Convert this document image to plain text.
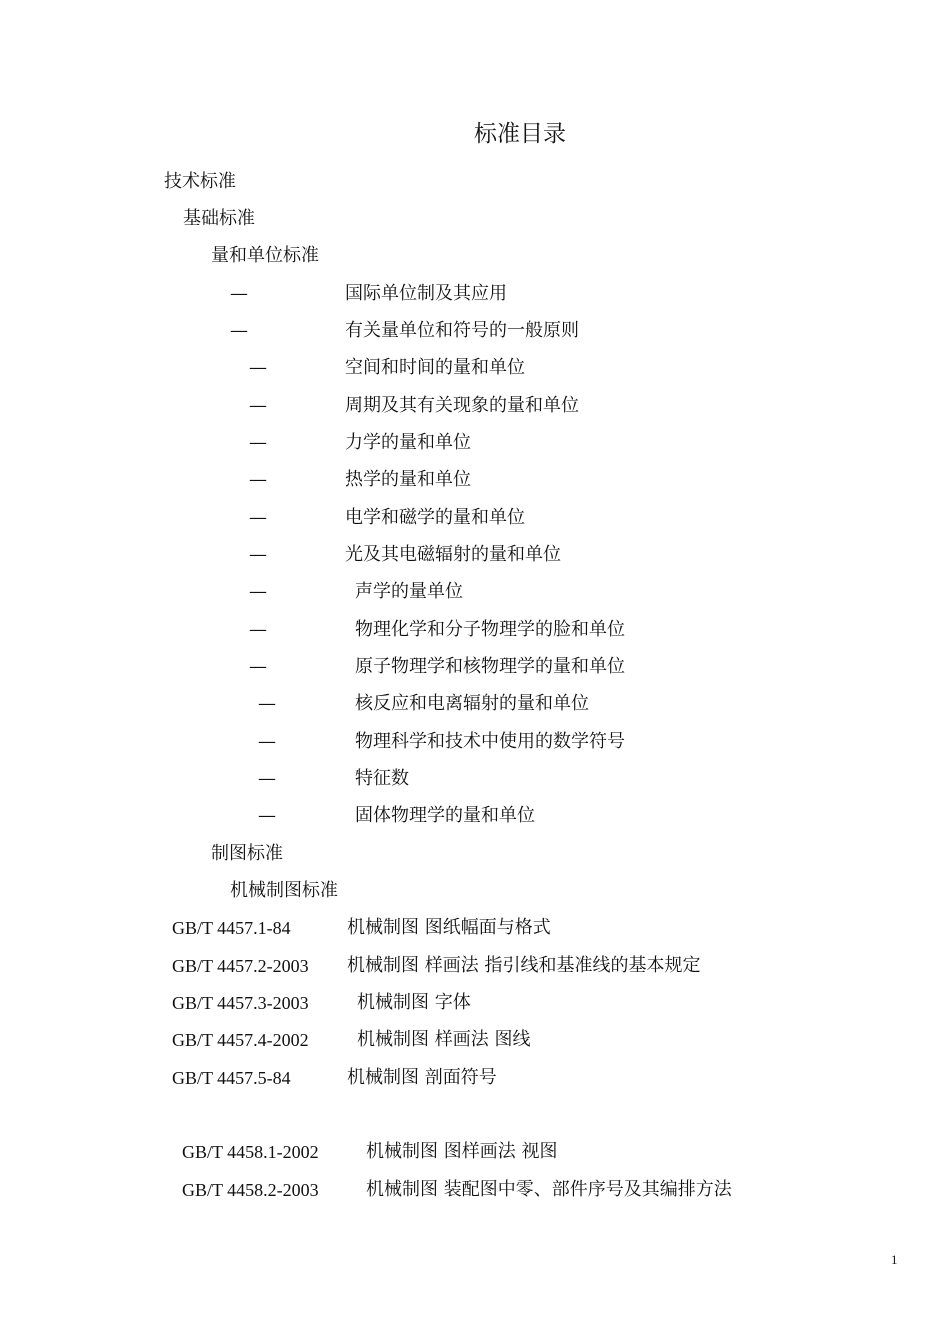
标准目录
技术标准
基础标准
量和单位标准
—	国际单位制及其应用
—	有关量单位和符号的一般原则
—	空间和时间的量和单位
—	周期及其有关现象的量和单位
—	力学的量和单位
—	热学的量和单位
—	电学和磁学的量和单位
—	光及其电磁辐射的量和单位
—	声学的量单位
—	物理化学和分子物理学的脸和单位
—	原子物理学和核物理学的量和单位
—	核反应和电离辐射的量和单位
—	物理科学和技术中使用的数学符号
—	特征数
—	固体物理学的量和单位
制图标准
机械制图标准
GB/T 4457.1-84	机械制图 图纸幅面与格式
GB/T 4457.2-2003 机械制图 样画法 指引线和基准线的基本规定
GB/T 4457.3-2003	机械制图 字体
GB/T 4457.4-2002	机械制图 样画法 图线
GB/T 4457.5-84	机械制图 剖面符号
GB/T 4458.1-2002	机械制图 图样画法 视图
GB/T 4458.2-2003	机械制图 装配图中零、部件序号及其编排方法
1
